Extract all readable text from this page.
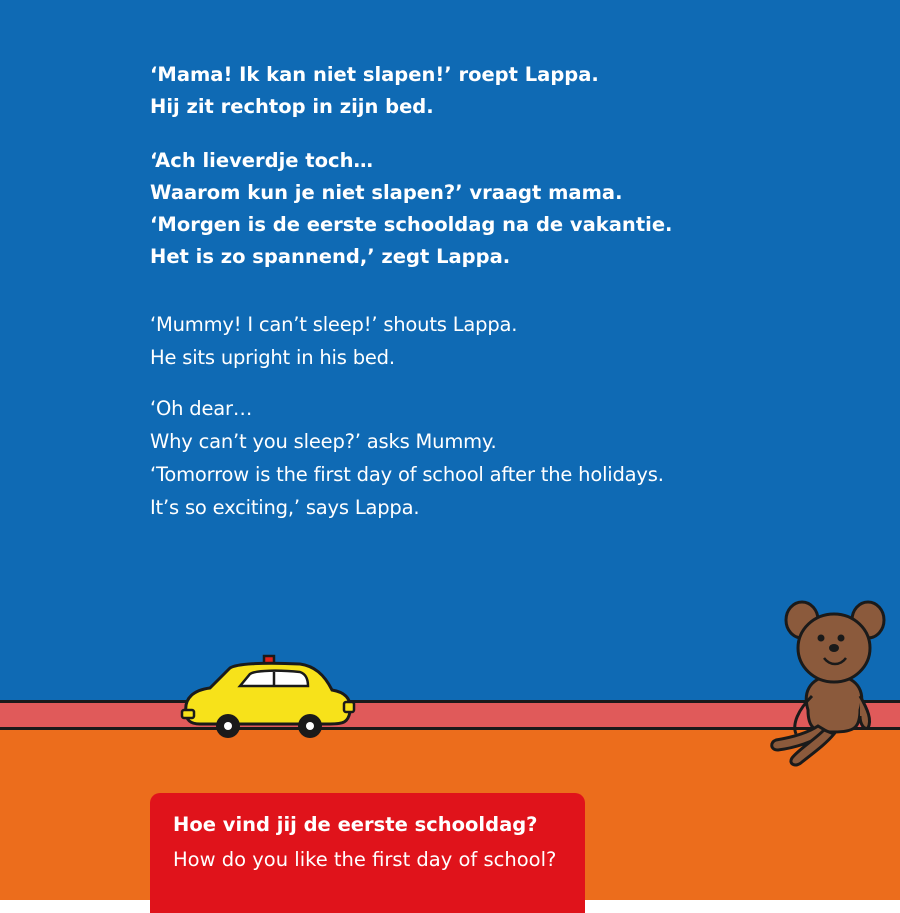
‘Mama! Ik kan niet slapen!’ roept Lappa.
Hij zit rechtop in zijn bed.
‘Ach lieverdje toch…
Waarom kun je niet slapen?’ vraagt mama.
‘Morgen is de eerste schooldag na de vakantie.
Het is zo spannend,’ zegt Lappa.
‘Mummy! I can’t sleep!’ shouts Lappa.
He sits upright in his bed.
‘Oh dear…
Why can’t you sleep?’ asks Mummy.
‘Tomorrow is the first day of school after the holidays.
It’s so exciting,’ says Lappa.
Hoe vind jij de eerste schooldag?
How do you like the first day of school?
